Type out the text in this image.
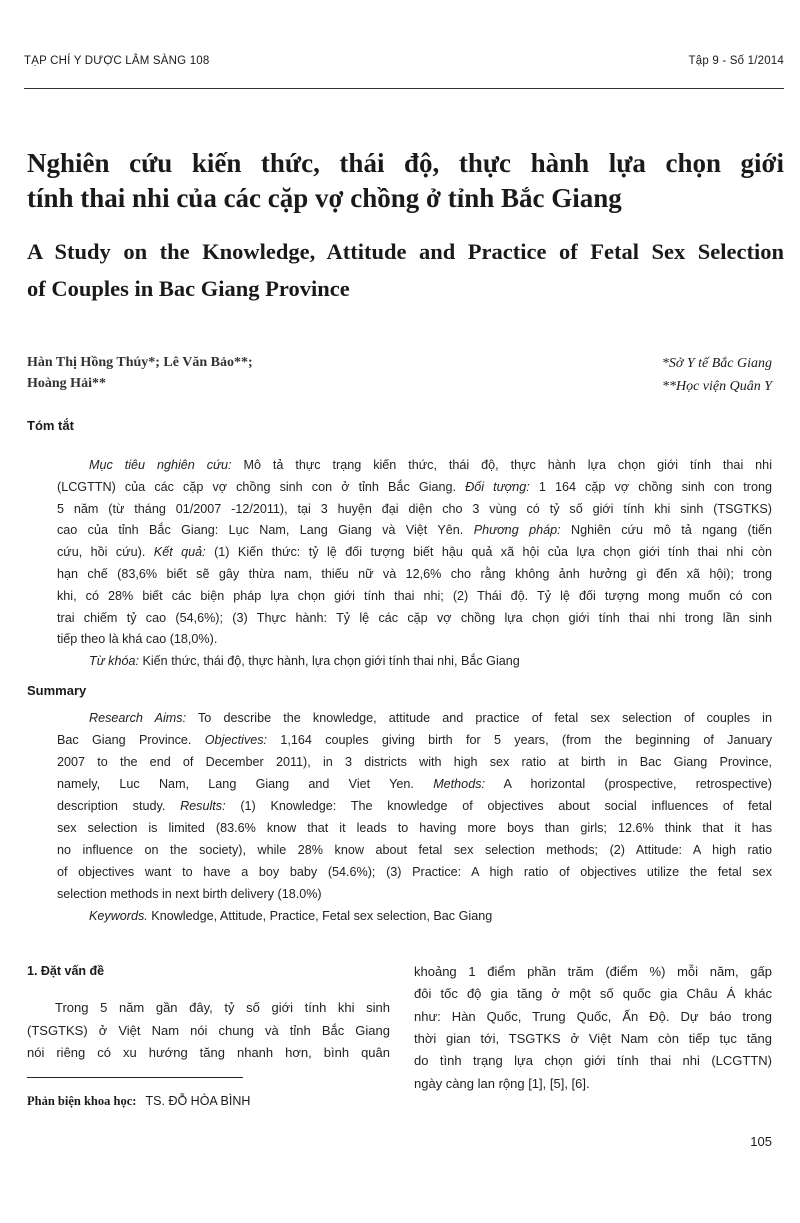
TẠP CHÍ Y DƯỢC LÂM SÀNG 108	Tập 9 - Số 1/2014
Nghiên cứu kiến thức, thái độ, thực hành lựa chọn giới
tính thai nhi của các cặp vợ chồng ở tỉnh Bắc Giang
A Study on the Knowledge, Attitude and Practice of Fetal Sex Selection
of Couples in Bac Giang Province
Hàn Thị Hồng Thúy*; Lê Văn Bảo**;
Hoàng Hải**
*Sở Y tế Bắc Giang
**Học viện Quân Y
Tóm tắt
Mục tiêu nghiên cứu: Mô tả thực trạng kiến thức, thái độ, thực hành lựa chọn giới tính thai nhi
(LCGTTN) của các cặp vợ chồng sinh con ở tỉnh Bắc Giang. Đối tượng: 1 164 cặp vợ chồng sinh con trong
5 năm (từ tháng 01/2007 -12/2011), tại 3 huyện đại diện cho 3 vùng có tỷ số giới tính khi sinh (TSGTKS)
cao của tỉnh Bắc Giang: Lục Nam, Lang Giang và Việt Yên. Phương pháp: Nghiên cứu mô tả ngang (tiến
cứu, hồi cứu). Kết quả: (1) Kiến thức: tỷ lệ đối tượng biết hậu quả xã hội của lựa chọn giới tính thai nhi còn
hạn chế (83,6% biết sẽ gây thừa nam, thiếu nữ và 12,6% cho rằng không ảnh hưởng gì đến xã hội); trong
khi, có 28% biết các biện pháp lựa chọn giới tính thai nhi; (2) Thái độ. Tỷ lệ đối tượng mong muốn có con
trai chiếm tỷ cao (54,6%); (3) Thực hành: Tỷ lệ các cặp vợ chồng lựa chọn giới tính thai nhi trong lần sinh
tiếp theo là khá cao (18,0%).
Từ khóa: Kiến thức, thái độ, thực hành, lựa chọn giới tính thai nhi, Bắc Giang
Summary
Research Aims: To describe the knowledge, attitude and practice of fetal sex selection of couples in
Bac Giang Province. Objectives: 1,164 couples giving birth for 5 years, (from the beginning of January
2007 to the end of December 2011), in 3 districts with high sex ratio at birth in Bac Giang Province,
namely, Luc Nam, Lang Giang and Viet Yen. Methods: A horizontal (prospective, retrospective)
description study. Results: (1) Knowledge: The knowledge of objectives about social influences of fetal
sex selection is limited (83.6% know that it leads to having more boys than girls; 12.6% think that it has
no influence on the society), while 28% know about fetal sex selection methods; (2) Attitude: A high ratio
of objectives want to have a boy baby (54.6%); (3) Practice: A high ratio of objectives utilize the fetal sex
selection methods in next birth delivery (18.0%)
Keywords. Knowledge, Attitude, Practice, Fetal sex selection, Bac Giang
1. Đặt vấn đề
Trong 5 năm gần đây, tỷ số giới tính khi sinh
(TSGTKS) ở Việt Nam nói chung và tỉnh Bắc Giang
nói riêng có xu hướng tăng nhanh hơn, bình quân
khoảng 1 điểm phần trăm (điểm %) mỗi năm, gấp
đôi tốc độ gia tăng ở một số quốc gia Châu Á khác
như: Hàn Quốc, Trung Quốc, Ấn Độ. Dự báo trong
thời gian tới, TSGTKS ở Việt Nam còn tiếp tục tăng
do tình trạng lựa chọn giới tính thai nhi (LCGTTN)
ngày càng lan rộng [1], [5], [6].
Phản biện khoa học: TS. ĐỖ HÒA BÌNH
105
